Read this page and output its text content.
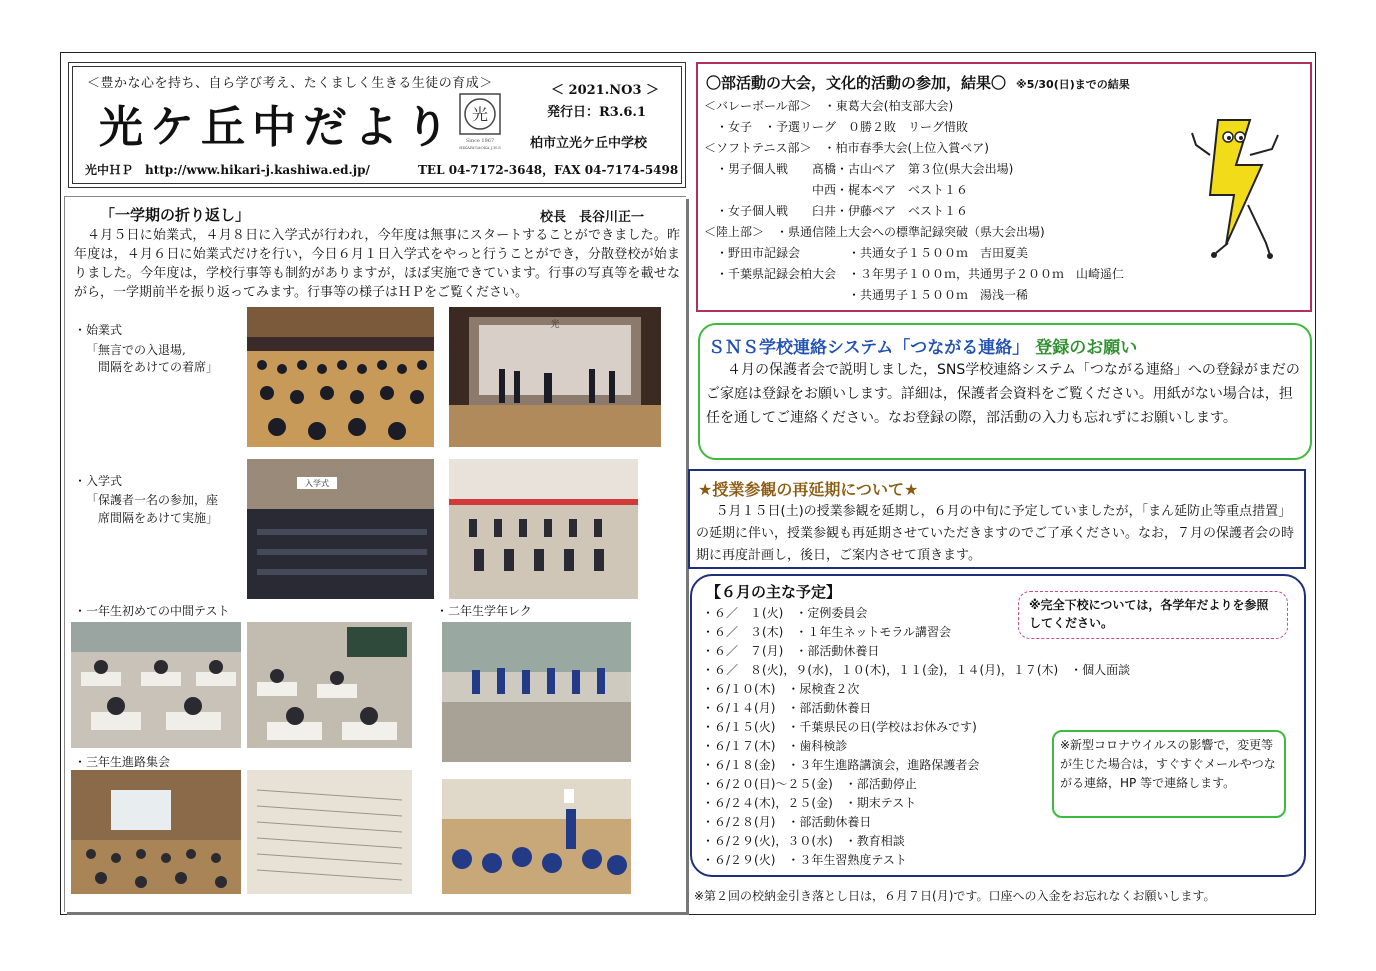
＜豊かな心を持ち、自ら学び考え、たくましく生きる生徒の育成＞
光ケ丘中だより 光
Since 1967
HIKARIGAOKA J.H.S
＜ 2021.NO3 ＞
発行日：R3.6.1
柏市立光ケ丘中学校
光中ＨＰ　http://www.hikari-j.kashiwa.ed.jp/	TEL 04-7172-3648，FAX 04-7174-5498
「一学期の折り返し」	校長　長谷川正一
４月５日に始業式，４月８日に入学式が行われ，今年度は無事にスタートすることができました。昨年度は，４月６日に始業式だけを行い，今日６月１日入学式をやっと行うことができ，分散登校が始まりました。今年度は，学校行事等も制約がありますが，ほぼ実施できています。行事の写真等を載せながら，一学期前半を振り返ってみます。行事等の様子はＨＰをご覧ください。
・始業式
「無言での入退場,
間隔をあけての着席」
光
・入学式
「保護者一名の参加，座
席間隔をあけて実施」
入学式
・一年生初めての中間テスト	・二年生学年レク
・三年生進路集会
〇部活動の大会，文化的活動の参加，結果〇 ※5/30(日)までの結果
＜バレーボール部＞　・東葛大会(柏支部大会)
　・女子　・予選リーグ　０勝２敗　リーグ惜敗
＜ソフトテニス部＞　・柏市春季大会(上位入賞ペア)
　・男子個人戦　　髙橋・古山ペア　第３位(県大会出場)
　　　　　　　　　中西・梶本ペア　ベスト１６
　・女子個人戦　　臼井・伊藤ペア　ベスト１６
＜陸上部＞　・県通信陸上大会への標準記録突破（県大会出場)
　・野田市記録会　　　　・共通女子１５００ｍ　吉田夏美
　・千葉県記録会柏大会　・３年男子１００ｍ，共通男子２００ｍ　山崎遥仁
　　　　　　　　　　　　・共通男子１５００ｍ　湯浅一稀
ＳＮＳ学校連絡システム「つながる連絡」 登録のお願い
４月の保護者会で説明しました，SNS学校連絡システム「つながる連絡」への登録がまだのご家庭は登録をお願いします。詳細は，保護者会資料をご覧ください。用紙がない場合は，担任を通してご連絡ください。なお登録の際，部活動の入力も忘れずにお願いします。
★授業参観の再延期について★
５月１５日(土)の授業参観を延期し，６月の中旬に予定していましたが，「まん延防止等重点措置」の延期に伴い，授業参観も再延期させていただきますのでご了承ください。なお，７月の保護者会の時期に再度計画し，後日，ご案内させて頂きます。
【６月の主な予定】
・６／　１(火)　・定例委員会
・６／　３(木)　・１年生ネットモラル講習会
・６／　７(月)　・部活動休養日
・６／　８(火)，９(水)，１０(木)，１１(金)，１４(月)，１７(木)　・個人面談
・６/１０(木)　・尿検査２次
・６/１４(月)　・部活動休養日
・６/１５(火)　・千葉県民の日(学校はお休みです)
・６/１７(木)　・歯科検診
・６/１８(金)　・３年生進路講演会，進路保護者会
・６/２０(日)～２５(金)　・部活動停止
・６/２４(木)，２５(金)　・期末テスト
・６/２８(月)　・部活動休養日
・６/２９(火)，３０(水)　・教育相談
・６/２９(火)　・３年生習熟度テスト
※完全下校については，各学年だよりを参照してください。
※新型コロナウイルスの影響で，変更等が生じた場合は，すぐすぐメールやつながる連絡，HP 等で連絡します。
※第２回の校納金引き落とし日は，６月７日(月)です。口座への入金をお忘れなくお願いします。
